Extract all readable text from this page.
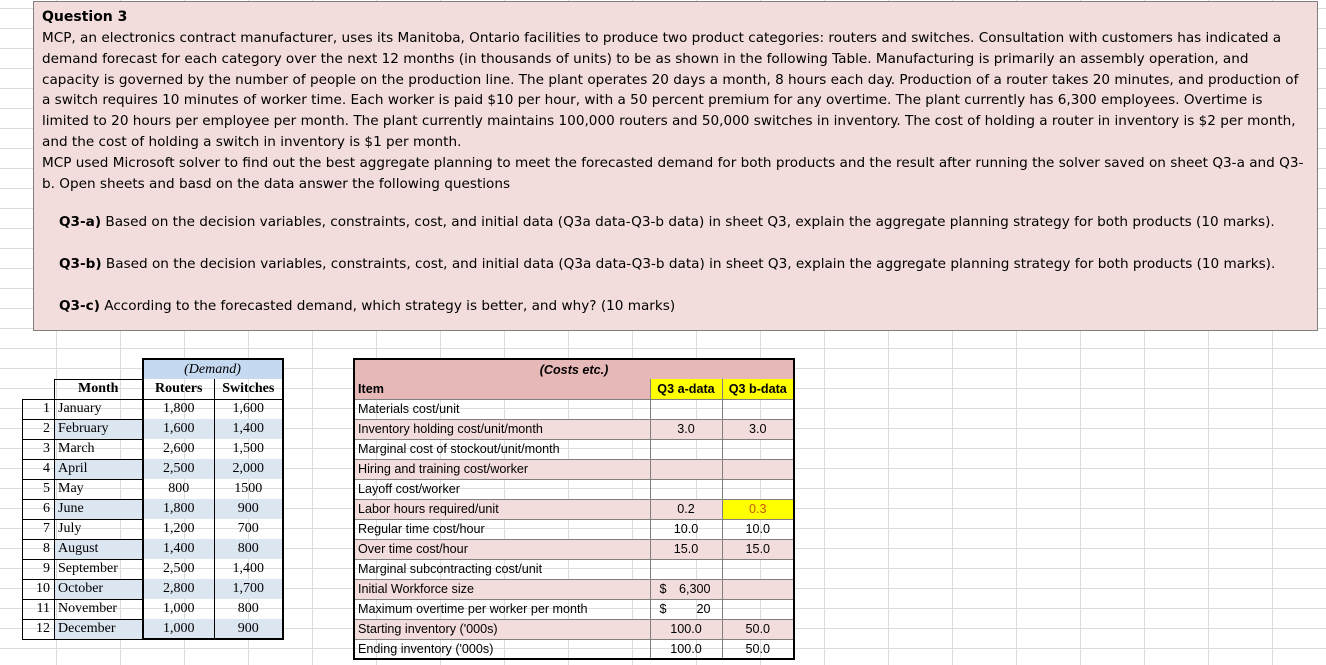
Question 3

MCP, an electronics contract manufacturer, uses its Manitoba, Ontario facilities to produce two product categories: routers and switches. Consultation with customers has indicated a demand forecast for each category over the next 12 months (in thousands of units) to be as shown in the following Table. Manufacturing is primarily an assembly operation, and capacity is governed by the number of people on the production line. The plant operates 20 days a month, 8 hours each day. Production of a router takes 20 minutes, and production of a switch requires 10 minutes of worker time. Each worker is paid $10 per hour, with a 50 percent premium for any overtime. The plant currently has 6,300 employees. Overtime is limited to 20 hours per employee per month. The plant currently maintains 100,000 routers and 50,000 switches in inventory. The cost of holding a router in inventory is $2 per month, and the cost of holding a switch in inventory is $1 per month.

MCP used Microsoft solver to find out the best aggregate planning to meet the forecasted demand for both products and the result after running the solver saved on sheet Q3-a and Q3-b. Open sheets and basd on the data answer the following questions

Q3-a) Based on the decision variables, constraints, cost, and initial data (Q3a data-Q3-b data) in sheet Q3, explain the aggregate planning strategy for both products (10 marks).

Q3-b) Based on the decision variables, constraints, cost, and initial data (Q3a data-Q3-b data) in sheet Q3, explain the aggregate planning strategy for both products (10 marks).

Q3-c) According to the forecasted demand, which strategy is better, and why? (10 marks)

		(Demand)	
	Month	Routers	Switches
1	January	1,800	1,600
2	February	1,600	1,400
3	March	2,600	1,500
4	April	2,500	2,000
5	May	800	1500
6	June	1,800	900
7	July	1,200	700
8	August	1,400	800
9	September	2,500	1,400
10	October	2,800	1,700
11	November	1,000	800
12	December	1,000	900
(Costs etc.)		
Item	Q3 a-data	Q3 b-data
Materials cost/unit		
Inventory holding cost/unit/month	3.0	3.0
Marginal cost of stockout/unit/month		
Hiring and training cost/worker		
Layoff cost/worker		
Labor hours required/unit	0.2	0.3
Regular time cost/hour	10.0	10.0
Over time cost/hour	15.0	15.0
Marginal subcontracting cost/unit		
Initial Workforce size	$ 6,300	

Maximum overtime per worker per month	$ 20	

Starting inventory ('000s)	100.0	50.0
Ending inventory ('000s)	100.0	50.0
